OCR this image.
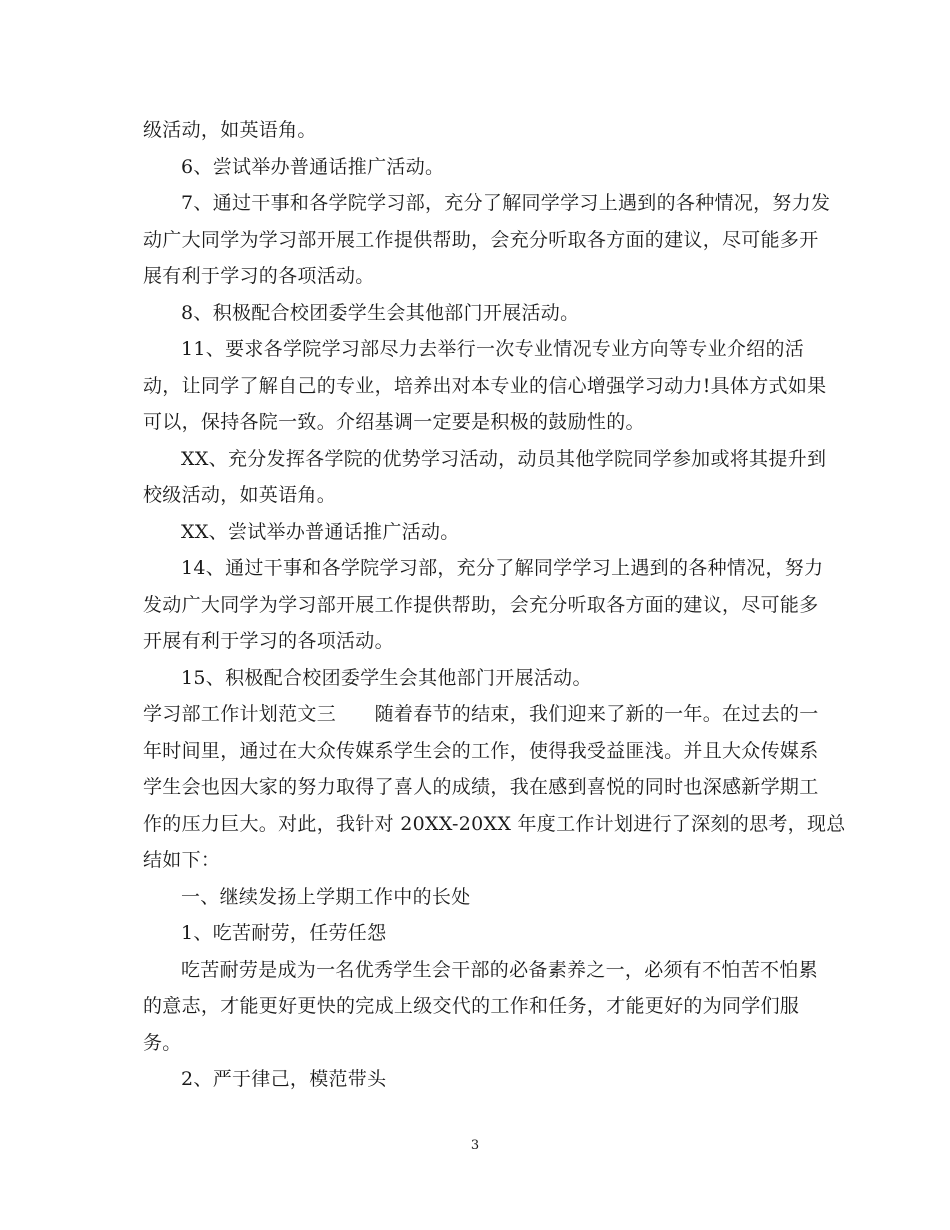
级活动，如英语角。

6、尝试举办普通话推广活动。

7、通过干事和各学院学习部，充分了解同学学习上遇到的各种情况，努力发

动广大同学为学习部开展工作提供帮助，会充分听取各方面的建议，尽可能多开

展有利于学习的各项活动。

8、积极配合校团委学生会其他部门开展活动。

11、要求各学院学习部尽力去举行一次专业情况专业方向等专业介绍的活

动，让同学了解自己的专业，培养出对本专业的信心增强学习动力!具体方式如果

可以，保持各院一致。介绍基调一定要是积极的鼓励性的。

XX、充分发挥各学院的优势学习活动，动员其他学院同学参加或将其提升到

校级活动，如英语角。

XX、尝试举办普通话推广活动。

14、通过干事和各学院学习部，充分了解同学学习上遇到的各种情况，努力

发动广大同学为学习部开展工作提供帮助，会充分听取各方面的建议，尽可能多

开展有利于学习的各项活动。

15、积极配合校团委学生会其他部门开展活动。

学习部工作计划范文三　　随着春节的结束，我们迎来了新的一年。在过去的一

年时间里，通过在大众传媒系学生会的工作，使得我受益匪浅。并且大众传媒系

学生会也因大家的努力取得了喜人的成绩，我在感到喜悦的同时也深感新学期工

作的压力巨大。对此，我针对 20XX-20XX 年度工作计划进行了深刻的思考，现总

结如下：

一、继续发扬上学期工作中的长处

1、吃苦耐劳，任劳任怨

吃苦耐劳是成为一名优秀学生会干部的必备素养之一，必须有不怕苦不怕累

的意志，才能更好更快的完成上级交代的工作和任务，才能更好的为同学们服

务。

2、严于律己，模范带头

3
